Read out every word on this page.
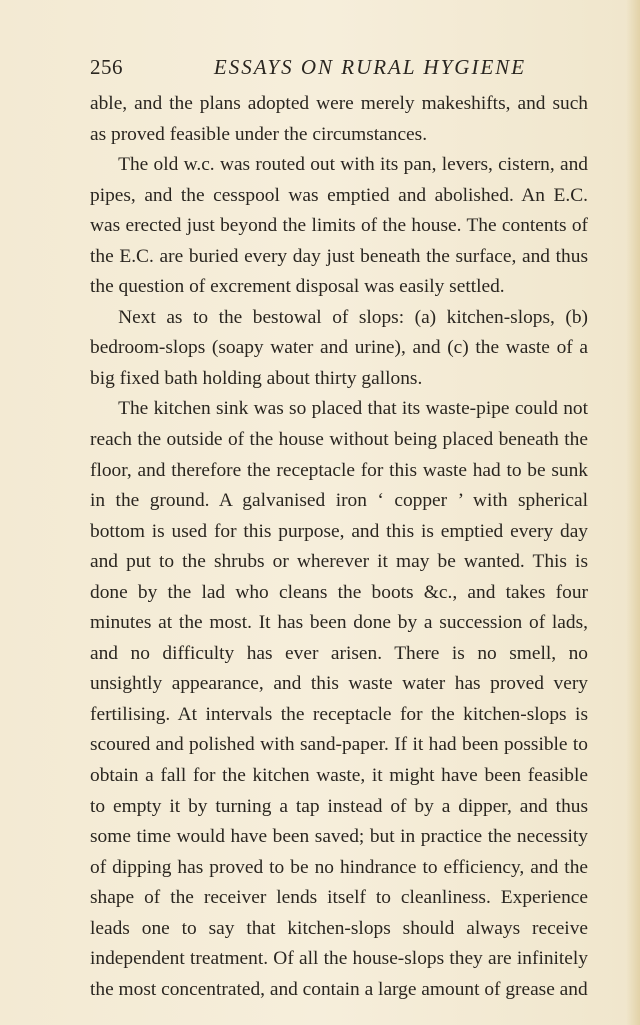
256	ESSAYS ON RURAL HYGIENE

able, and the plans adopted were merely makeshifts, and such as proved feasible under the circumstances.

The old w.c. was routed out with its pan, levers, cistern, and pipes, and the cesspool was emptied and abolished. An E.C. was erected just beyond the limits of the house. The contents of the E.C. are buried every day just beneath the surface, and thus the question of excrement disposal was easily settled.

Next as to the bestowal of slops: (a) kitchen-slops, (b) bedroom-slops (soapy water and urine), and (c) the waste of a big fixed bath holding about thirty gallons.

The kitchen sink was so placed that its waste-pipe could not reach the outside of the house without being placed beneath the floor, and therefore the receptacle for this waste had to be sunk in the ground. A galvanised iron ‘ copper ’ with spherical bottom is used for this purpose, and this is emptied every day and put to the shrubs or wherever it may be wanted. This is done by the lad who cleans the boots &c., and takes four minutes at the most. It has been done by a succession of lads, and no difficulty has ever arisen. There is no smell, no unsightly appearance, and this waste water has proved very fertilising. At intervals the receptacle for the kitchen-slops is scoured and polished with sand-paper. If it had been possible to obtain a fall for the kitchen waste, it might have been feasible to empty it by turning a tap instead of by a dipper, and thus some time would have been saved; but in practice the necessity of dipping has proved to be no hindrance to efficiency, and the shape of the receiver lends itself to cleanliness. Experience leads one to say that kitchen-slops should always receive independent treatment. Of all the house-slops they are infinitely the most concentrated, and contain a large amount of grease and
